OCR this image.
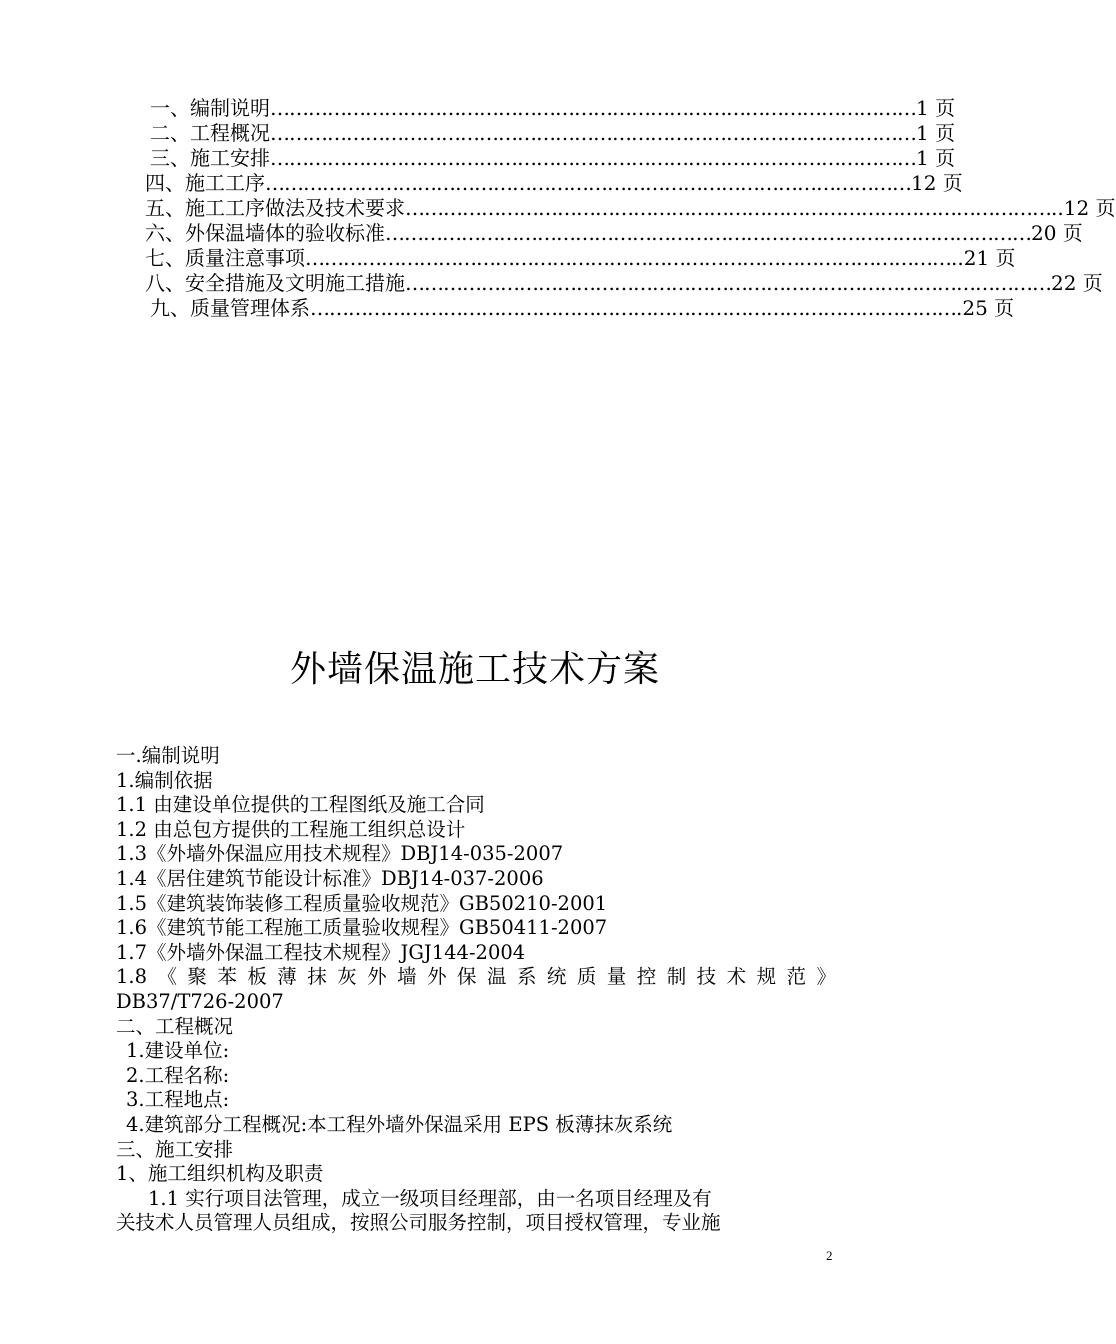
一、 编制说明 ………………………………………………………………………………………… 1 页
二、 工程概况 ………………………………………………………………………………………… 1 页
三、 施工安排 ………………………………………………………………………………………… 1 页
四、 施工工序 ………………………………………………………………………………………… 12 页
五、 施工工序做法及技术要求 ………………………………………………………………………………………… ..12 页
六、 外保温墙体的验收标准 ………………………………………………………………………………………… 20 页
七、 质量注意事项 ………………………………………………………………………………………… ..21 页
八、 安全措施及文明施工措施 ………………………………………………………………………………………… 22 页
九、 质量管理体系 ………………………………………………………………………………………… .25 页
外墙保温施工技术方案
一.编制说明
1.编制依据
1.1 由建设单位提供的工程图纸及施工合同
1.2 由总包方提供的工程施工组织总设计
1.3《外墙外保温应用技术规程》DBJ14-035-2007
1.4《居住建筑节能设计标准》DBJ14-037-2006
1.5《建筑装饰装修工程质量验收规范》GB50210-2001
1.6《建筑节能工程施工质量验收规程》GB50411-2007
1.7《外墙外保温工程技术规程》JGJ144-2004
1.8《聚苯板薄抹灰外墙外保温系统质量控制技术规范》
DB37/T726-2007
二、工程概况
1.建设单位:
2.工程名称:
3.工程地点:
4.建筑部分工程概况:本工程外墙外保温采用 EPS 板薄抹灰系统
三、施工安排
1、施工组织机构及职责
1.1 实行项目法管理，成立一级项目经理部，由一名项目经理及有
关技术人员管理人员组成，按照公司服务控制，项目授权管理，专业施
2
